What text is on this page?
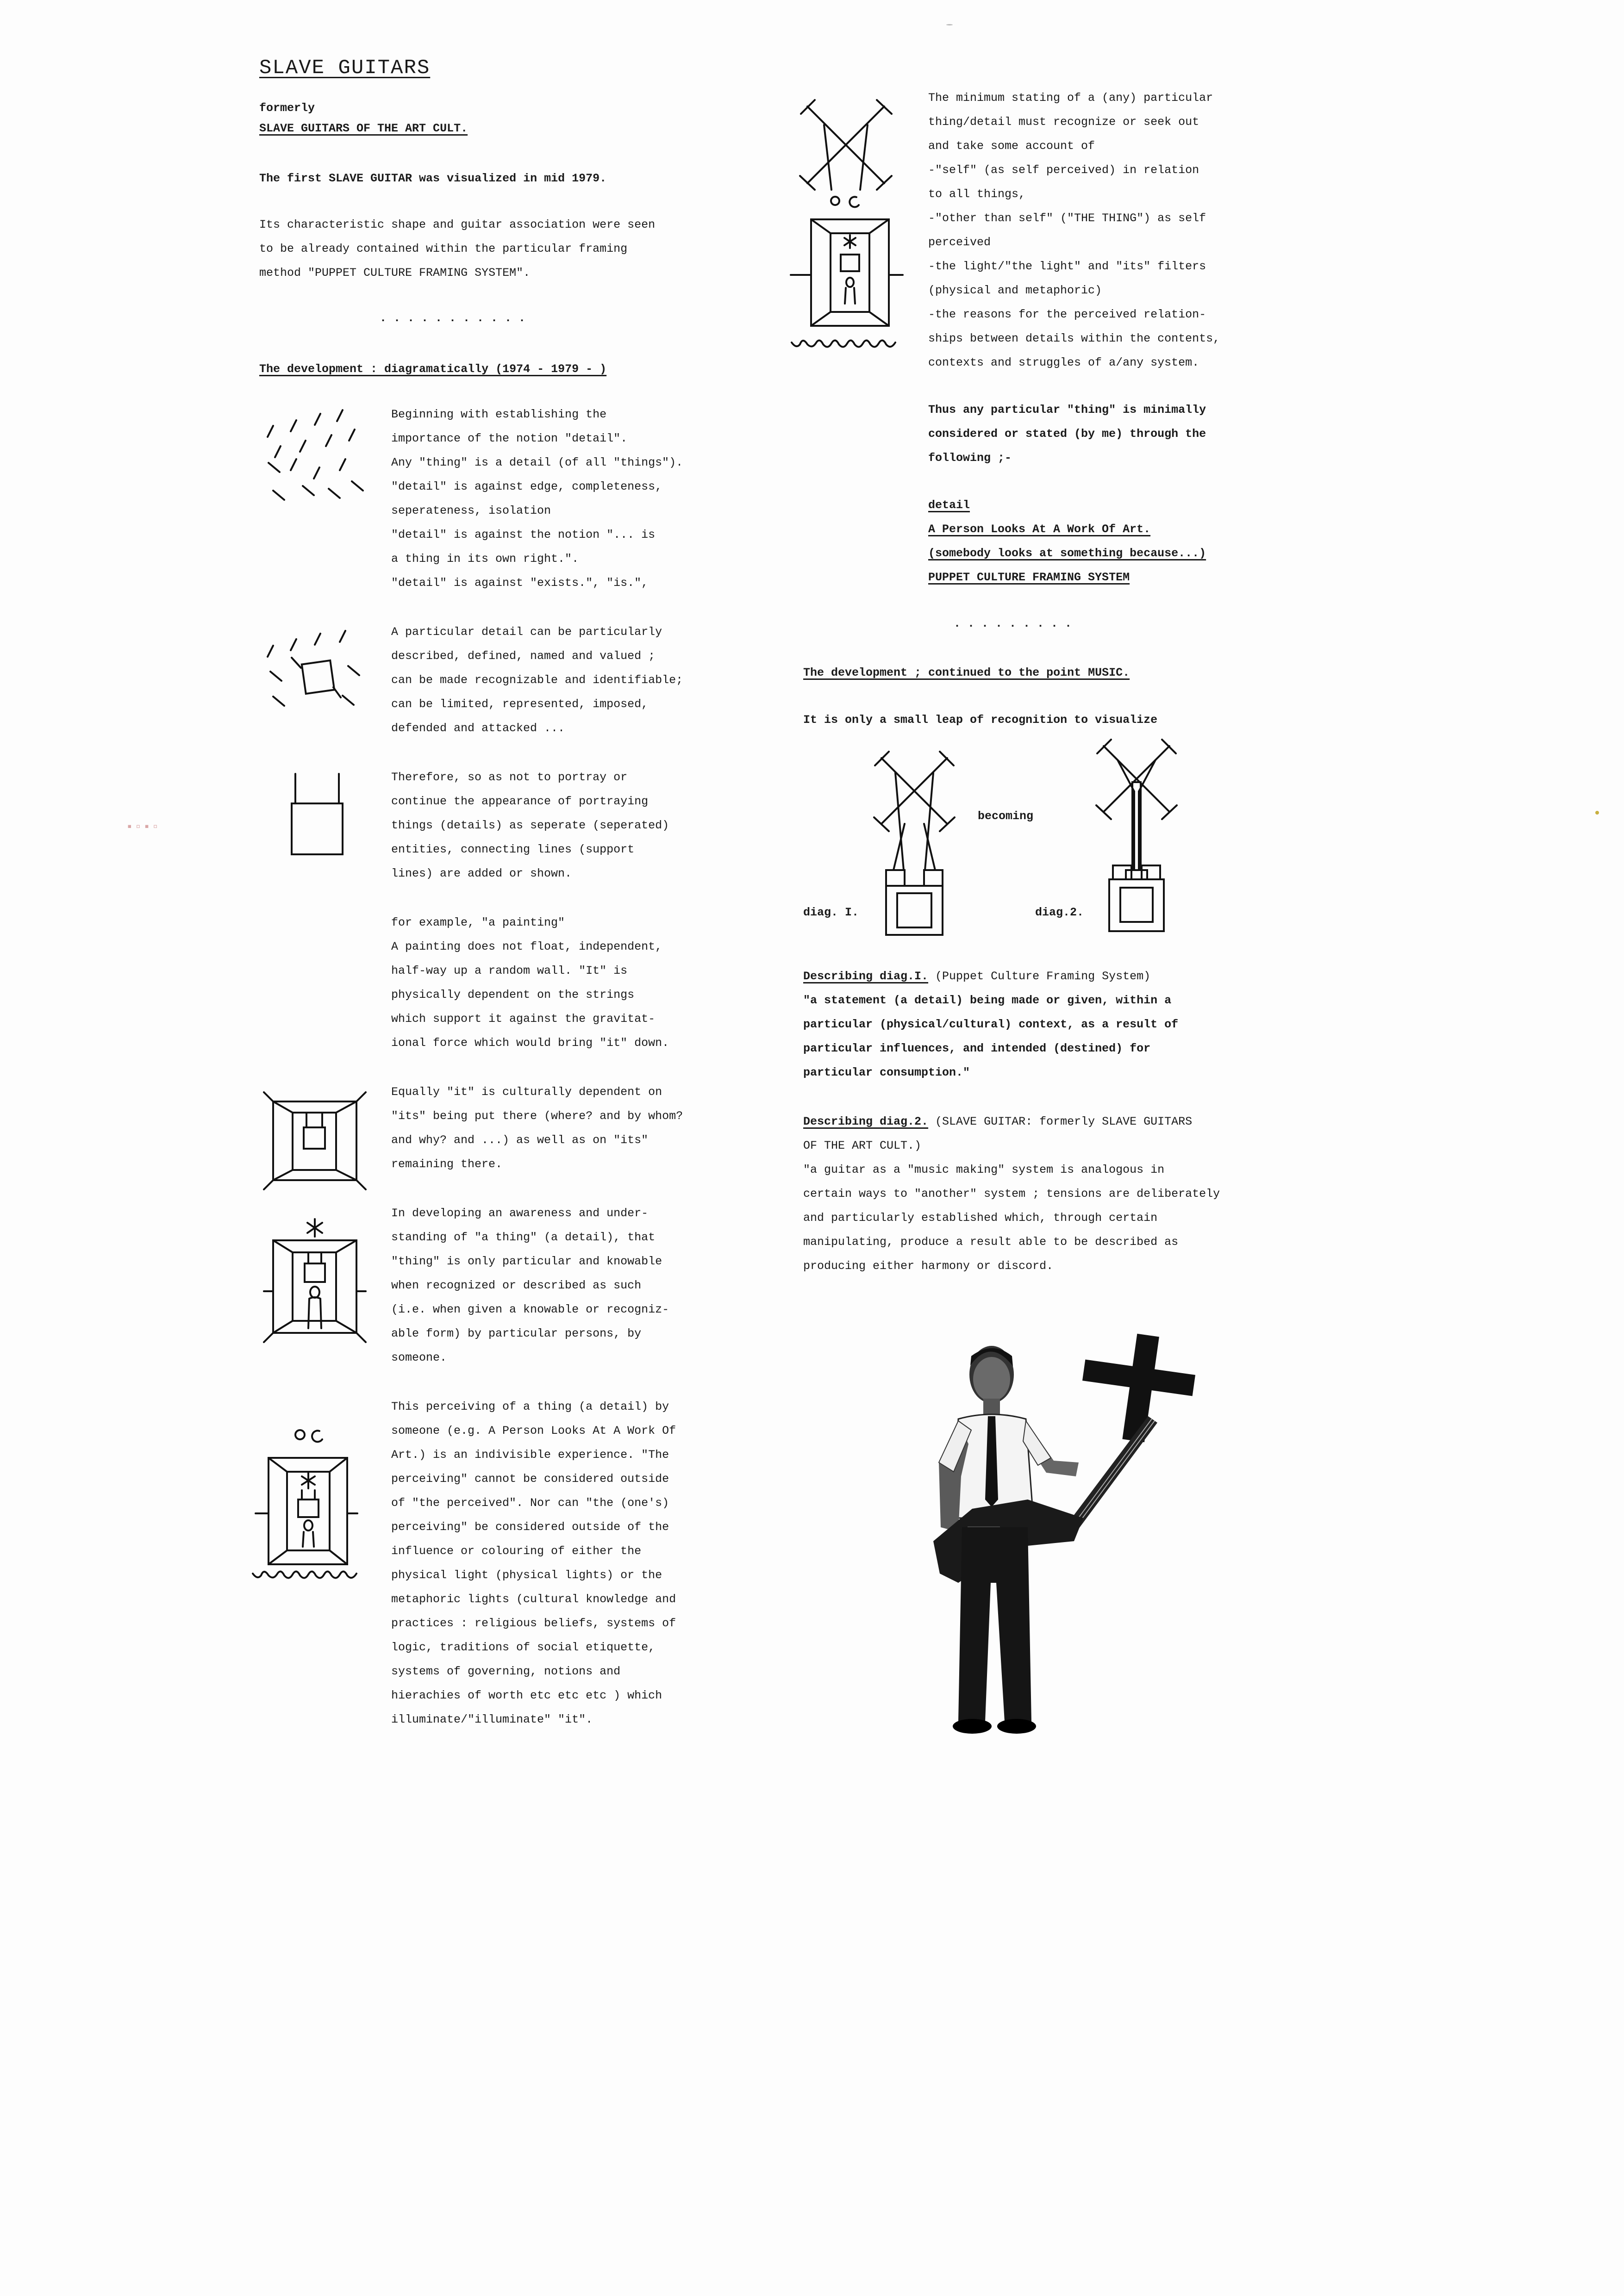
SLAVE GUITARS
formerly
SLAVE GUITARS OF THE ART CULT.
The first SLAVE GUITAR was visualized in mid 1979.
Its characteristic shape and guitar association were seen
to be already contained within the particular framing
method "PUPPET CULTURE FRAMING SYSTEM".
. . . . . . . . . . .
The development : diagramatically (1974 - 1979 - )
Beginning with establishing the
importance of the notion "detail".
Any "thing" is a detail (of all "things").
"detail" is against edge, completeness,
seperateness, isolation
"detail" is against the notion "... is
a thing in its own right.".
"detail" is against "exists.", "is.",
A particular detail can be particularly
described, defined, named and valued ;
can be made recognizable and identifiable;
can be limited, represented, imposed,
defended and attacked ...
Therefore, so as not to portray or
continue the appearance of portraying
things (details) as seperate (seperated)
entities, connecting lines (support
lines) are added or shown.
for example, "a painting"
A painting does not float, independent,
half-way up a random wall. "It" is
physically dependent on the strings
which support it against the gravitat-
ional force which would bring "it" down.
Equally "it" is culturally dependent on
"its" being put there (where? and by whom?
and why? and ...) as well as on "its"
remaining there.
In developing an awareness and under-
standing of "a thing" (a detail), that
"thing" is only particular and knowable
when recognized or described as such
(i.e. when given a knowable or recogniz-
able form) by particular persons, by
someone.
This perceiving of a thing (a detail) by
someone (e.g. A Person Looks At A Work Of
Art.) is an indivisible experience. "The
perceiving" cannot be considered outside
of "the perceived". Nor can "the (one's)
perceiving" be considered outside of the
influence or colouring of either the
physical light (physical lights) or the
metaphoric lights (cultural knowledge and
practices : religious beliefs, systems of
logic, traditions of social etiquette,
systems of governing, notions and
hierachies of worth etc etc etc ) which
illuminate/"illuminate" "it".
The minimum stating of a (any) particular
thing/detail must recognize or seek out
and take some account of
-"self" (as self perceived) in relation
to all things,
-"other than self" ("THE THING") as self
perceived
-the light/"the light" and "its" filters
(physical and metaphoric)
-the reasons for the perceived relation-
ships between details within the contents,
contexts and struggles of a/any system.
Thus any particular "thing" is minimally
considered or stated (by me) through the
following ;-
detail
A Person Looks At A Work Of Art.
(somebody looks at something because...)
PUPPET CULTURE FRAMING SYSTEM
. . . . . . . . .
The development ; continued to the point MUSIC.
It is only a small leap of recognition to visualize
becoming
diag. I.	diag.2.
Describing diag.I. (Puppet Culture Framing System)
"a statement (a detail) being made or given, within a
particular (physical/cultural) context, as a result of
particular influences, and intended (destined) for
particular consumption."
Describing diag.2. (SLAVE GUITAR: formerly SLAVE GUITARS
OF THE ART CULT.)
"a guitar as a "music making" system is analogous in
certain ways to "another" system ; tensions are deliberately
and particularly established which, through certain
manipulating, produce a result able to be described as
producing either harmony or discord.
▪▫▪▫
